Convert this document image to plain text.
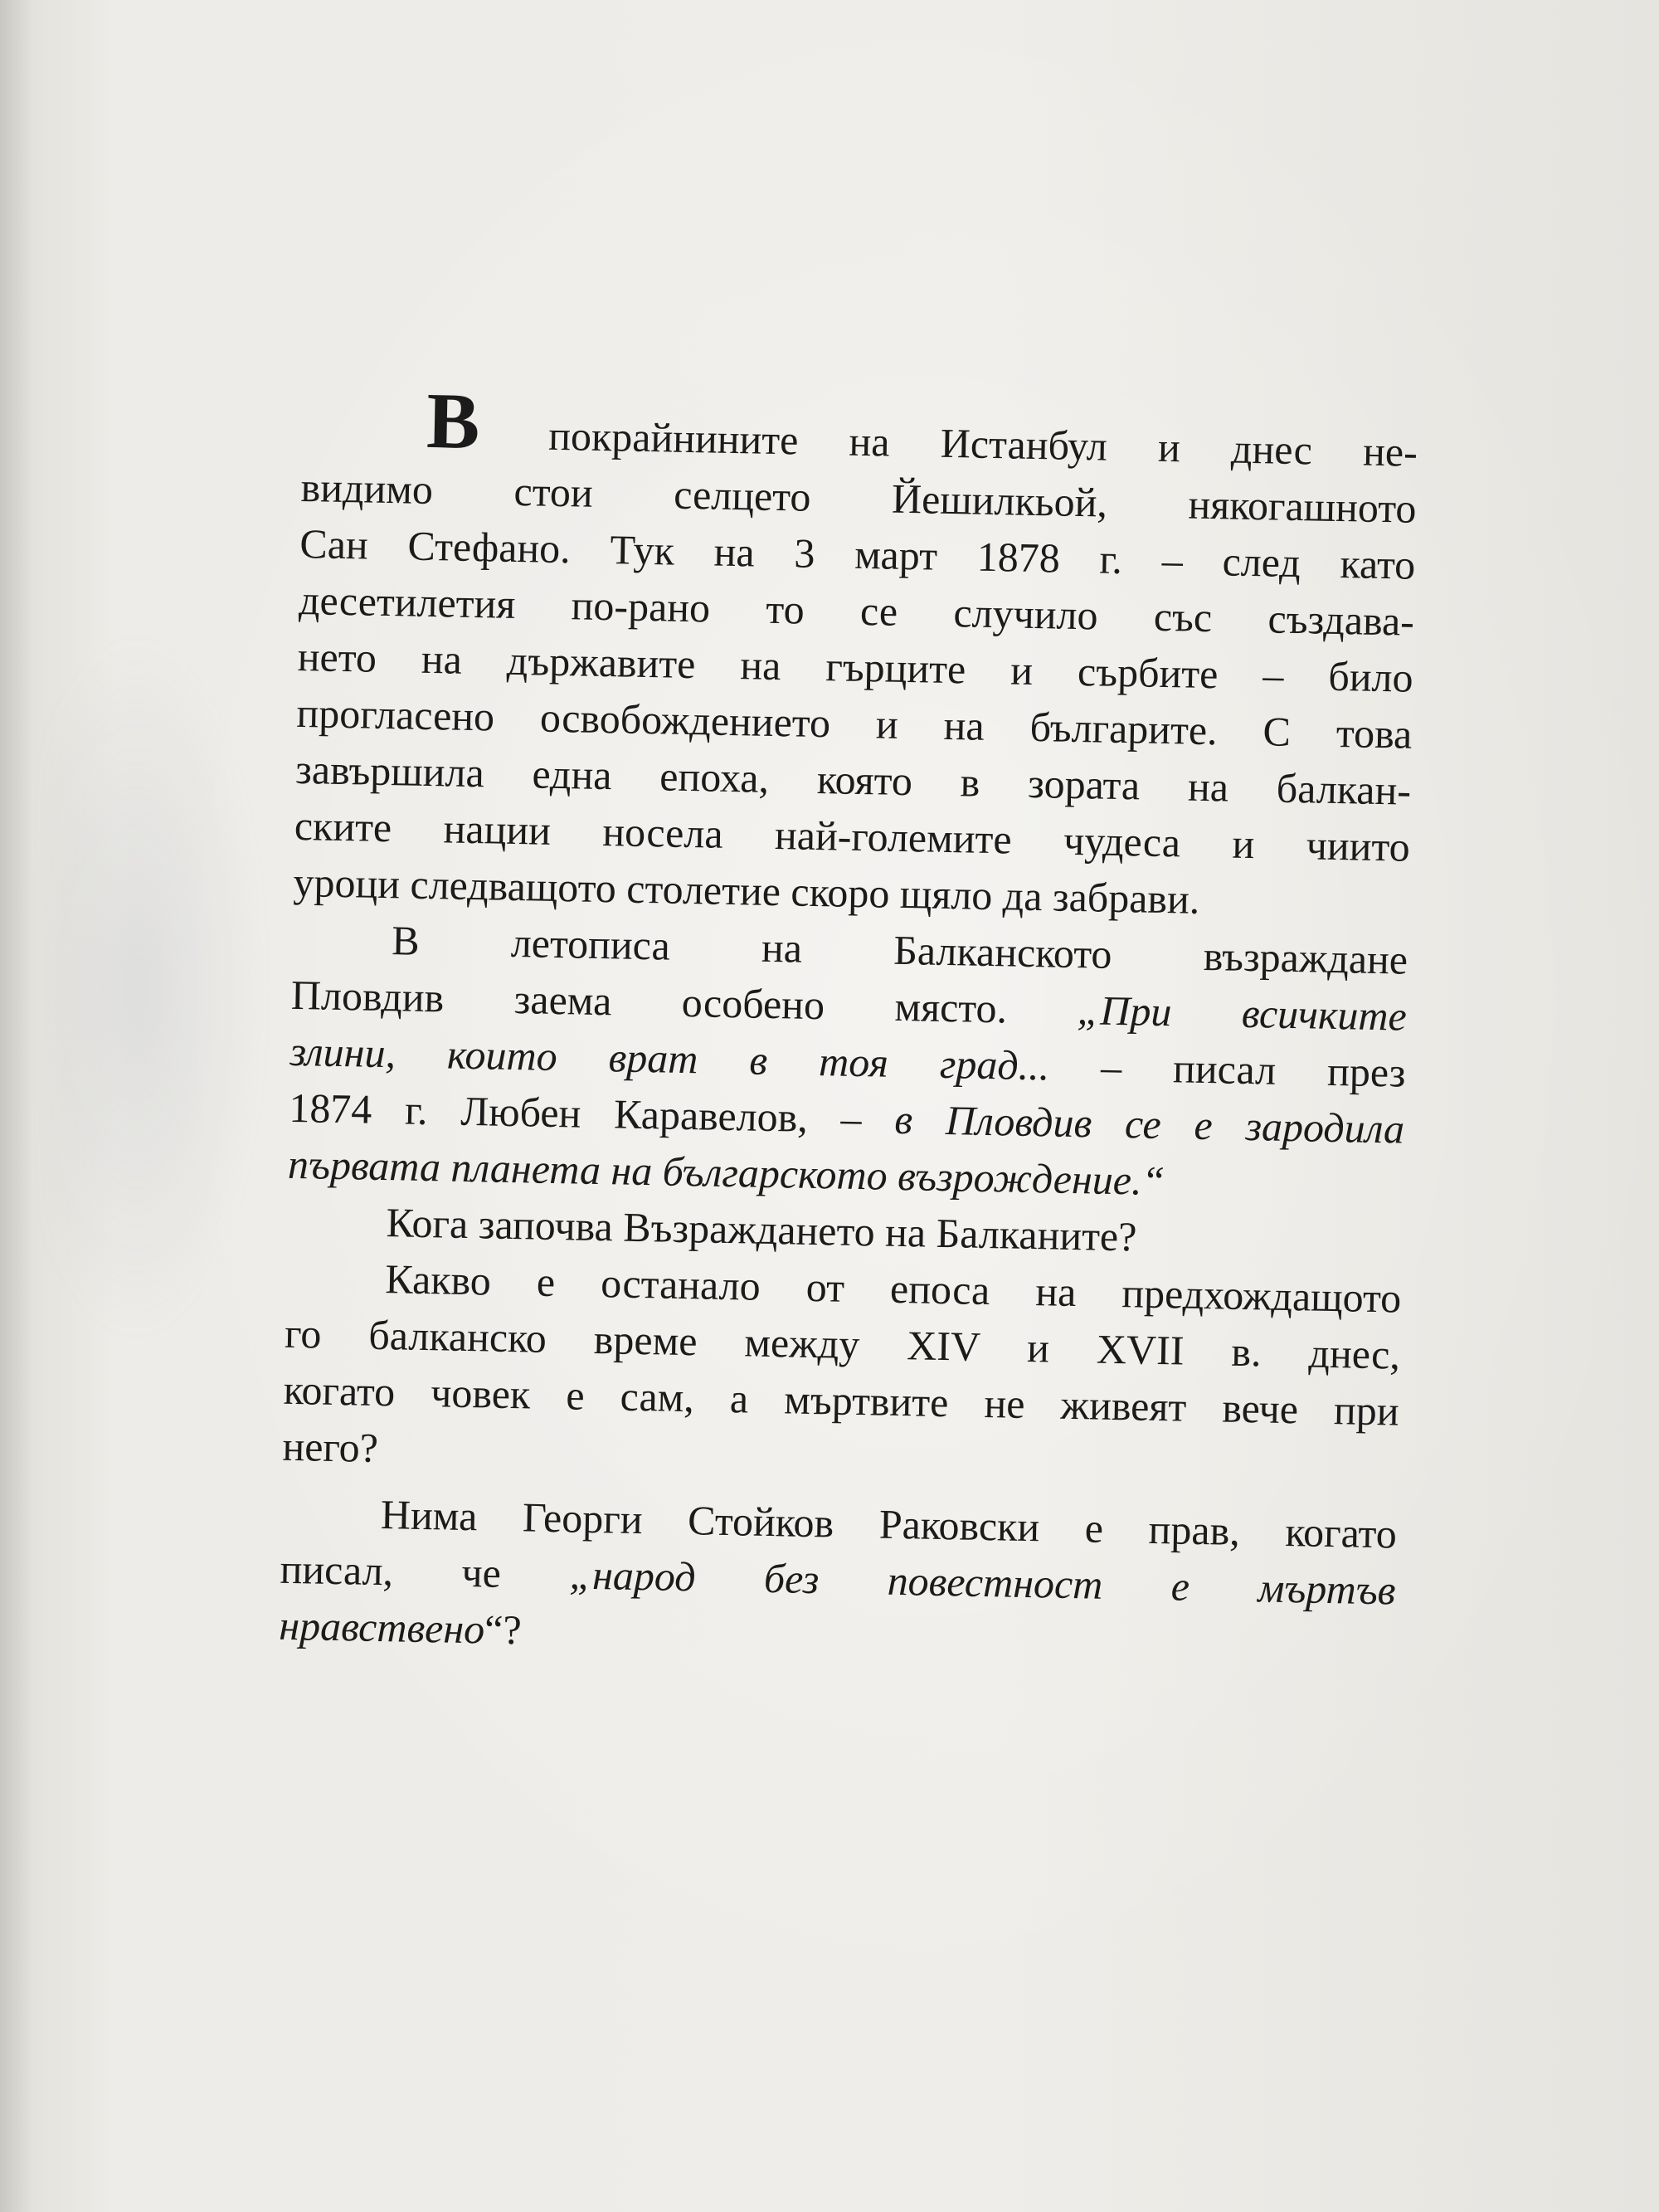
В покрайнините на Истанбул и днес не-
видимо стои селцето Йешилкьой, някогашното
Сан Стефано. Тук на 3 март 1878 г. – след като
десетилетия по-рано то се случило със създава-
нето на държавите на гърците и сърбите – било
прогласено освобождението и на българите. С това
завършила една епоха, която в зората на балкан-
ските нации носела най-големите чудеса и чиито
уроци следващото столетие скоро щяло да забрави.
В летописа на Балканското възраждане
Пловдив заема особено място. „При всичките
злини, които врат в тоя град... – писал през
1874 г. Любен Каравелов, – в Пловдив се е зародила
първата планета на българското възрождение.“
Кога започва Възраждането на Балканите?
Какво е останало от епоса на предхождащото
го балканско време между XIV и XVII в. днес,
когато човек е сам, а мъртвите не живеят вече при
него?
Нима Георги Стойков Раковски е прав, когато
писал, че „народ без повестност е мъртъв
нравствено“?
